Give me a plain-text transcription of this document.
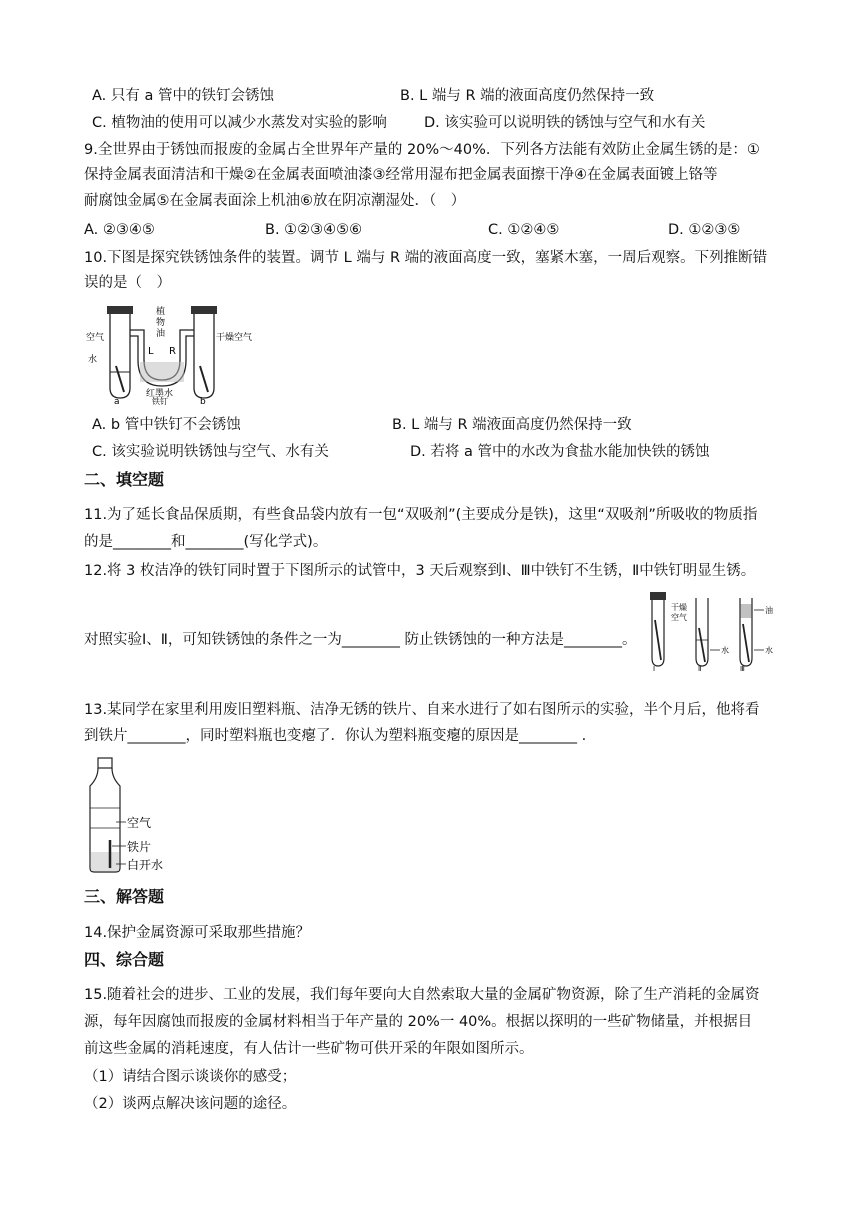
A. 只有 a 管中的铁钉会锈蚀	B. L 端与 R 端的液面高度仍然保持一致
C. 植物油的使用可以减少水蒸发对实验的影响	D. 该实验可以说明铁的锈蚀与空气和水有关
9.全世界由于锈蚀而报废的金属占全世界年产量的 20%～40%．下列各方法能有效防止金属生锈的是：①
保持金属表面清洁和干燥②在金属表面喷油漆③经常用湿布把金属表面擦干净④在金属表面镀上铬等
耐腐蚀金属⑤在金属表面涂上机油⑥放在阴凉潮湿处．（　）
A. ②③④⑤	B. ①②③④⑤⑥	C. ①②④⑤	D. ①②③⑤
10.下图是探究铁锈蚀条件的装置。调节 L 端与 R 端的液面高度一致，塞紧木塞，一周后观察。下列推断错
误的是（　）
植
物
油
L R
空气
水
干燥空气
红墨水
铁钉
a	b
A. b 管中铁钉不会锈蚀	B. L 端与 R 端液面高度仍然保持一致
C. 该实验说明铁锈蚀与空气、水有关	D. 若将 a 管中的水改为食盐水能加快铁的锈蚀
二、填空题
11.为了延长食品保质期，有些食品袋内放有一包“双吸剂”(主要成分是铁)，这里“双吸剂”所吸收的物质指
的是________和________(写化学式)。
12.将 3 枚洁净的铁钉同时置于下图所示的试管中，3 天后观察到Ⅰ、Ⅲ中铁钉不生锈，Ⅱ中铁钉明显生锈。
对照实验Ⅰ、Ⅱ，可知铁锈蚀的条件之一为________ 防止铁锈蚀的一种方法是________。
干燥
空气
Ⅰ
水
Ⅱ
油
水
Ⅲ
13.某同学在家里利用废旧塑料瓶、洁净无锈的铁片、自来水进行了如右图所示的实验，半个月后，他将看
到铁片________，同时塑料瓶也变瘪了．你认为塑料瓶变瘪的原因是________ .
空气
铁片
白开水
三、解答题
14.保护金属资源可采取那些措施？
四、综合题
15.随着社会的进步、工业的发展，我们每年要向大自然索取大量的金属矿物资源，除了生产消耗的金属资
源，每年因腐蚀而报废的金属材料相当于年产量的 20%一 40%。根据以探明的一些矿物储量，并根据目
前这些金属的消耗速度，有人估计一些矿物可供开采的年限如图所示。
（1）请结合图示谈谈你的感受；
（2）谈两点解决该问题的途径。
